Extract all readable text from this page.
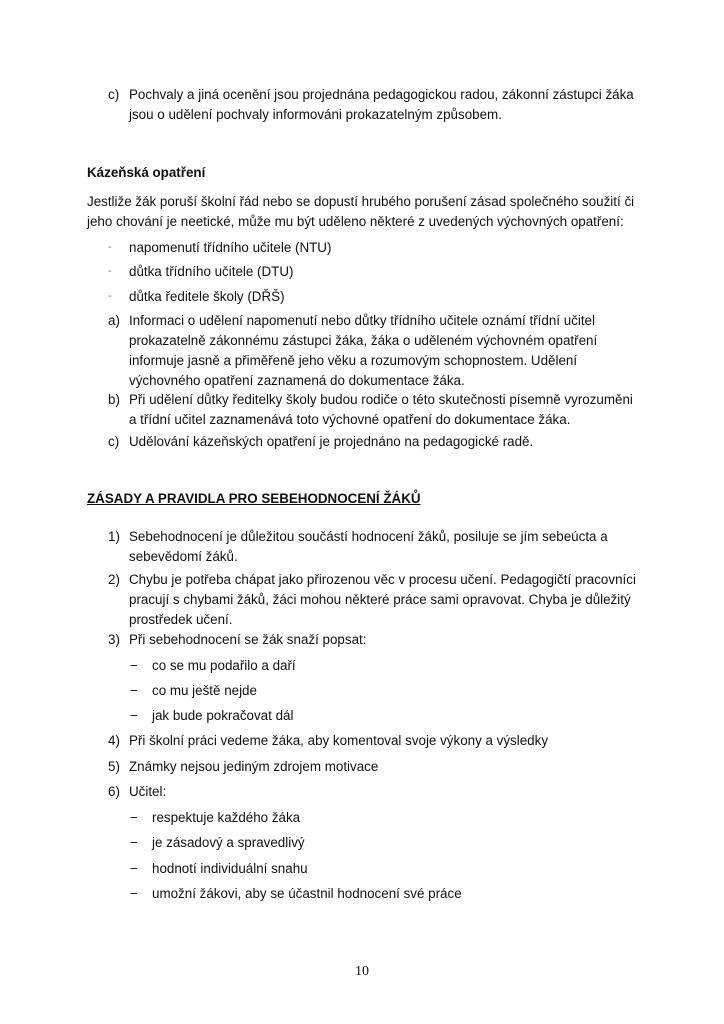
c) Pochvaly a jiná ocenění jsou projednána pedagogickou radou, zákonní zástupci žáka
jsou o udělení pochvaly informováni prokazatelným způsobem.
Kázeňská opatření
Jestliže žák poruší školní řád nebo se dopustí hrubého porušení zásad společného soužití či
jeho chování je neetické, může mu být uděleno některé z uvedených výchovných opatření:
- napomenutí třídního učitele (NTU)
- důtka třídního učitele (DTU)
- důtka ředitele školy (DŘŠ)
a) Informaci o udělení napomenutí nebo důtky třídního učitele oznámí třídní učitel
prokazatelně zákonnému zástupci žáka, žáka o uděleném výchovném opatření
informuje jasně a přiměřeně jeho věku a rozumovým schopnostem. Udělení
výchovného opatření zaznamená do dokumentace žáka.
b) Při udělení důtky ředitelky školy budou rodiče o této skutečnosti písemně vyrozuměni
a třídní učitel zaznamenává toto výchovné opatření do dokumentace žáka.
c) Udělování kázeňských opatření je projednáno na pedagogické radě.
ZÁSADY A PRAVIDLA PRO SEBEHODNOCENÍ ŽÁKŮ
1) Sebehodnocení je důležitou součástí hodnocení žáků, posiluje se jím sebeúcta a
sebevědomí žáků.
2) Chybu je potřeba chápat jako přirozenou věc v procesu učení. Pedagogičtí pracovníci
pracují s chybami žáků, žáci mohou některé práce sami opravovat. Chyba je důležitý
prostředek učení.
3) Při sebehodnocení se žák snaží popsat:
− co se mu podařilo a daří
− co mu ještě nejde
− jak bude pokračovat dál
4) Při školní práci vedeme žáka, aby komentoval svoje výkony a výsledky
5) Známky nejsou jediným zdrojem motivace
6) Učitel:
− respektuje každého žáka
− je zásadový a spravedlivý
− hodnotí individuální snahu
− umožní žákovi, aby se účastnil hodnocení své práce
10
